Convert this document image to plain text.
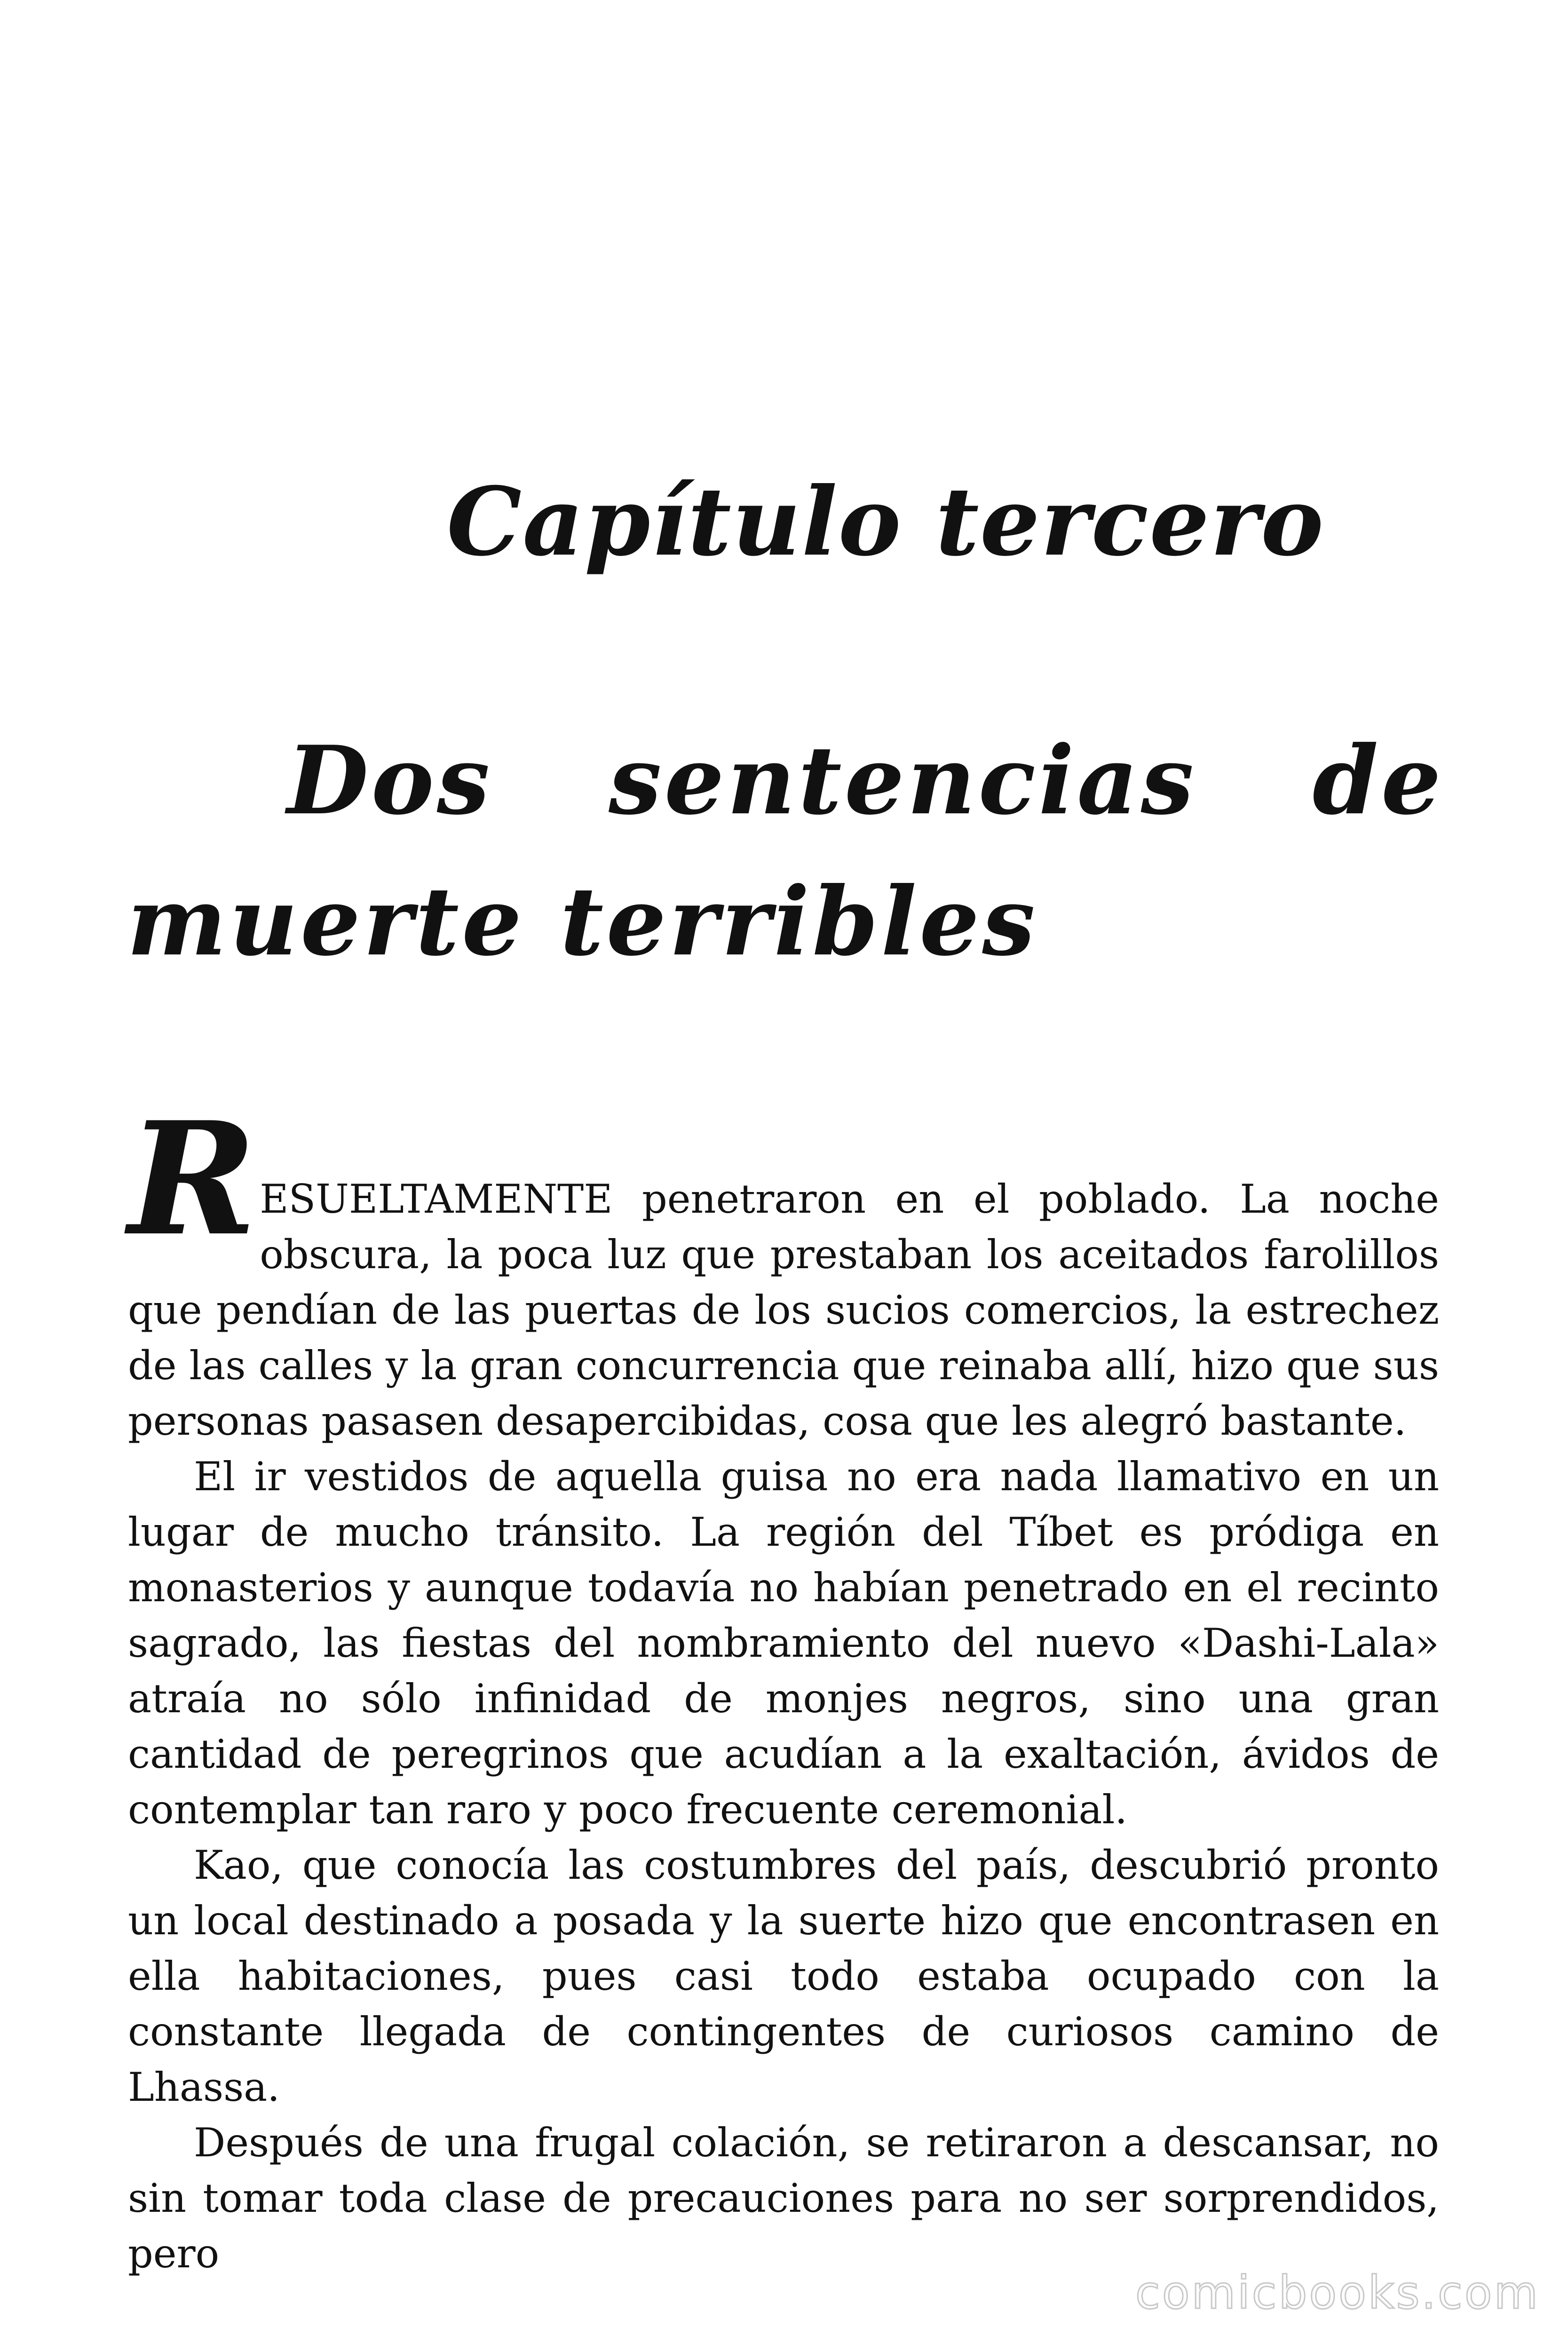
Capítulo tercero
Dos sentencias de muerte terribles

R ESUELTAMENTE penetraron en el poblado. La noche obscura, la poca luz que prestaban los aceitados farolillos que pendían de las puertas de los sucios comercios, la estrechez de las calles y la gran concurrencia que reinaba allí, hizo que sus personas pasasen desapercibidas, cosa que les alegró bastante.

El ir vestidos de aquella guisa no era nada llamativo en un lugar de mucho tránsito. La región del Tíbet es pródiga en monasterios y aunque todavía no habían penetrado en el recinto sagrado, las fiestas del nombramiento del nuevo «Dashi-Lala» atraía no sólo infinidad de monjes negros, sino una gran cantidad de peregrinos que acudían a la exaltación, ávidos de contemplar tan raro y poco frecuente ceremonial.

Kao, que conocía las costumbres del país, descubrió pronto un local destinado a posada y la suerte hizo que encontrasen en ella habitaciones, pues casi todo estaba ocupado con la constante llegada de contingentes de curiosos camino de Lhassa.

Después de una frugal colación, se retiraron a descansar, no sin tomar toda clase de precauciones para no ser sorprendidos, pero

comicbooks.com
